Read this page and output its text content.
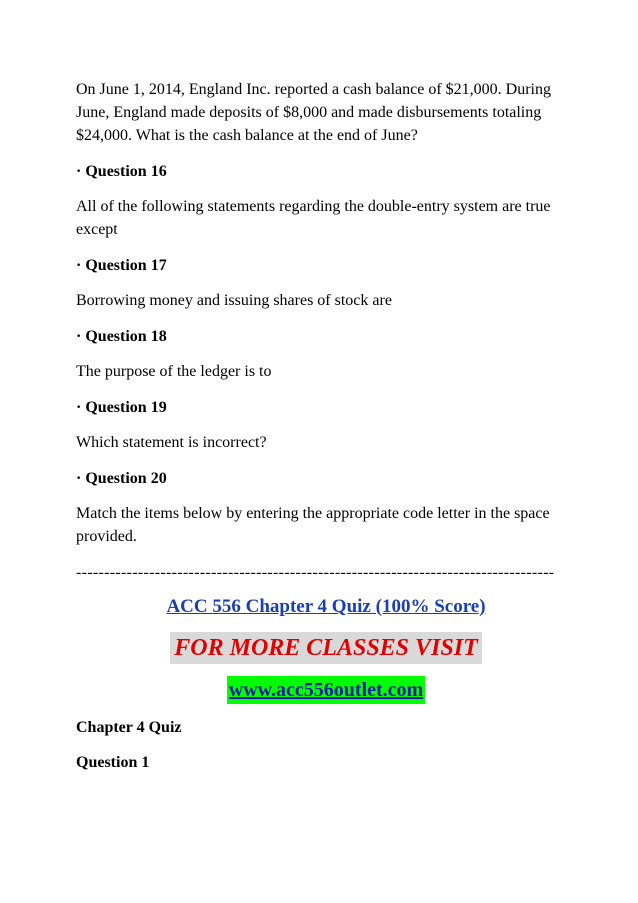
On June 1, 2014, England Inc. reported a cash balance of $21,000. During June, England made deposits of $8,000 and made disbursements totaling $24,000. What is the cash balance at the end of June?

· Question 16

All of the following statements regarding the double-entry system are true except

· Question 17

Borrowing money and issuing shares of stock are

· Question 18

The purpose of the ledger is to

· Question 19

Which statement is incorrect?

· Question 20

Match the items below by entering the appropriate code letter in the space provided.

-------------------------------------------------------------------------------------
ACC 556 Chapter 4 Quiz (100% Score)
FOR MORE CLASSES VISIT
www.acc556outlet.com
Chapter 4 Quiz
Question 1
